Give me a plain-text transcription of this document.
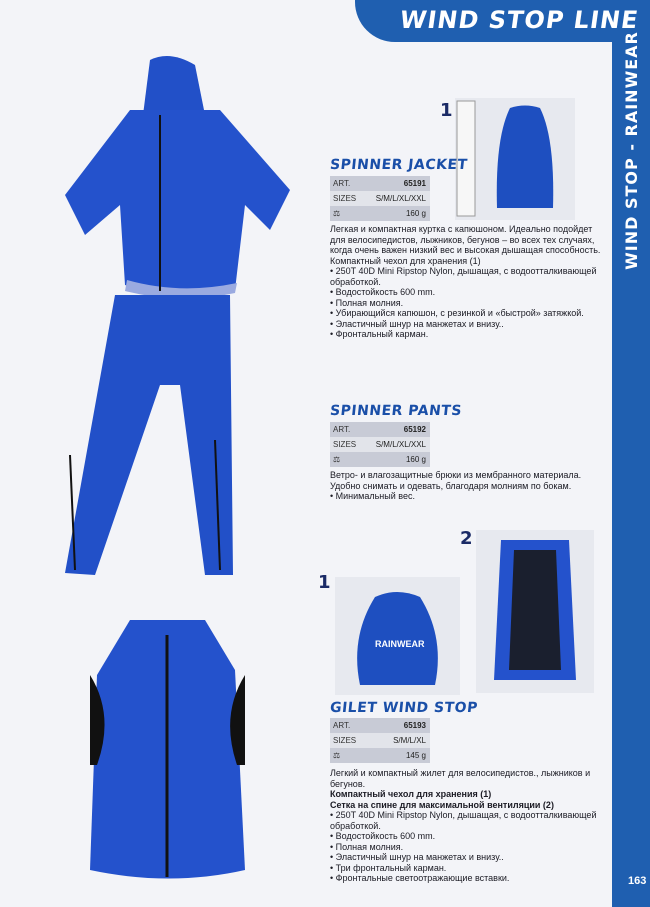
WIND STOP LINE
WIND STOP - RAINWEAR
163
1
SPINNER JACKET
ART.	65191
SIZES	S/M/L/XL/XXL
⚖	160 g

Легкая и компактная куртка с капюшоном. Идеально подойдет для велосипедистов, лыжников, бегунов – во всех тех случаях, когда очень важен низкий вес и высокая дышащая способность.

Компактный чехол для хранения (1)

• 250T 40D Mini Ripstop Nylon, дышащая, с водоотталкивающей обработкой.

• Водостойкость 600 mm.

• Полная молния.

• Убирающийся капюшон, с резинкой и «быстрой» затяжкой.

• Эластичный шнур на манжетах и внизу..

• Фронтальный карман.

SPINNER PANTS
ART.	65192
SIZES	S/M/L/XL/XXL
⚖	160 g

Ветро- и влагозащитные брюки из мембранного материала. Удобно снимать и одевать, благодаря молниям по бокам.

• Минимальный вес.

1
RAINWEAR
2
GILET WIND STOP
ART.	65193
SIZES	S/M/L/XL
⚖	145 g

Легкий и компактный жилет для велосипедистов., лыжников и бегунов.

Компактный чехол для хранения (1)

Сетка на спине для максимальной вентиляции (2)

• 250T 40D Mini Ripstop Nylon, дышащая, с водоотталкивающей обработкой.

• Водостойкость 600 mm.

• Полная молния.

• Эластичный шнур на манжетах и внизу..

• Три фронтальный карман.

• Фронтальные светоотражающие вставки.
